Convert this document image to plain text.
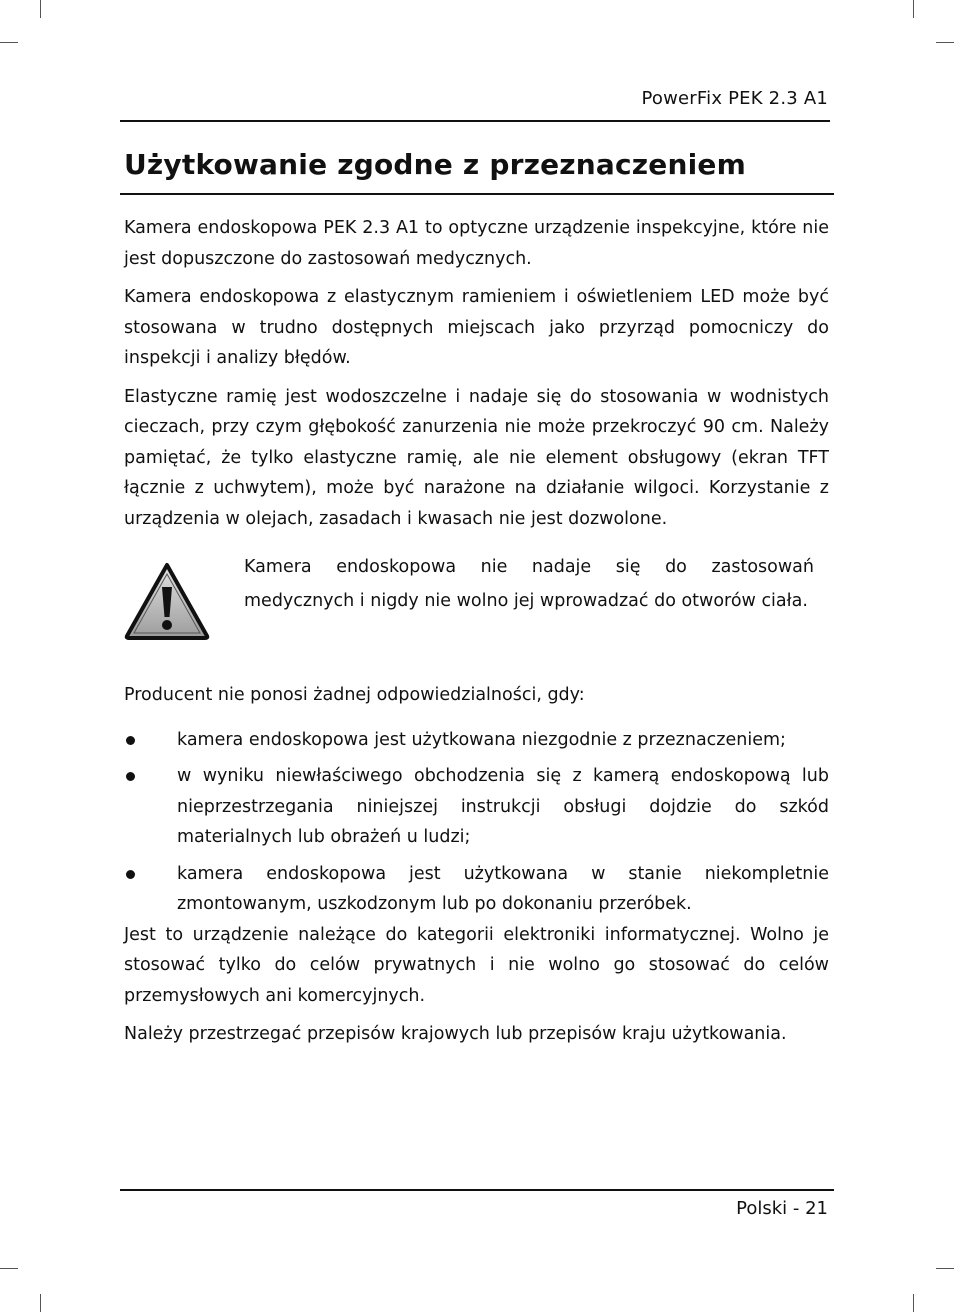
PowerFix PEK 2.3 A1
Użytkowanie zgodne z przeznaczeniem

Kamera endoskopowa PEK 2.3 A1 to optyczne urządzenie inspekcyjne, które nie jest dopuszczone do zastosowań medycznych.

Kamera endoskopowa z elastycznym ramieniem i oświetleniem LED może być stosowana w trudno dostępnych miejscach jako przyrząd pomocniczy do inspekcji i analizy błędów.

Elastyczne ramię jest wodoszczelne i nadaje się do stosowania w wodnistych cieczach, przy czym głębokość zanurzenia nie może przekroczyć 90 cm. Należy pamiętać, że tylko elastyczne ramię, ale nie element obsługowy (ekran TFT łącznie z uchwytem), może być narażone na działanie wilgoci. Korzystanie z urządzenia w olejach, zasadach i kwasach nie jest dozwolone.

Kamera endoskopowa nie nadaje się do zastosowań medycznych i nigdy nie wolno jej wprowadzać do otworów ciała.

Producent nie ponosi żadnej odpowiedzialności, gdy:

kamera endoskopowa jest użytkowana niezgodnie z przeznaczeniem;
w wyniku niewłaściwego obchodzenia się z kamerą endoskopową lub nieprzestrzegania niniejszej instrukcji obsługi dojdzie do szkód materialnych lub obrażeń u ludzi;
kamera endoskopowa jest użytkowana w stanie niekompletnie zmontowanym, uszkodzonym lub po dokonaniu przeróbek.

Jest to urządzenie należące do kategorii elektroniki informatycznej. Wolno je stosować tylko do celów prywatnych i nie wolno go stosować do celów przemysłowych ani komercyjnych.

Należy przestrzegać przepisów krajowych lub przepisów kraju użytkowania.

Polski - 21
